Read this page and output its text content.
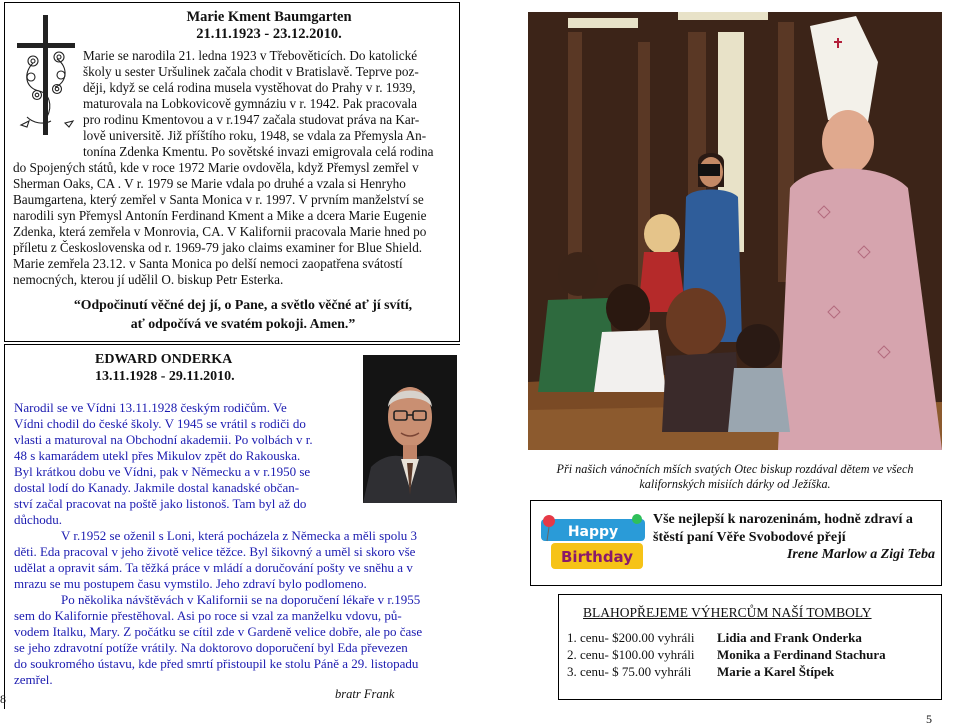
Marie Kment Baumgarten
21.11.1923 - 23.12.2010.
Marie se narodila 21. ledna 1923 v Třebověticích. Do katolické
školy u sester Uršulinek začala chodit v Bratislavě. Teprve poz-
ději, když se celá rodina musela vystěhovat do Prahy v r. 1939,
maturovala na Lobkovicově gymnáziu v r. 1942. Pak pracovala
pro rodinu Kmentovou a v r.1947 začala studovat práva na Kar-
lově universitě. Již příštího roku, 1948, se vdala za Přemysla An-
tonína Zdenka Kmentu. Po sovětské invazi emigrovala celá rodina
do Spojených států, kde v roce 1972 Marie ovdověla, když Přemysl zemřel v
Sherman Oaks, CA . V r. 1979 se Marie vdala po druhé a vzala si Henryho
Baumgartena, který zemřel v Santa Monica v r. 1997. V prvním manželství se
narodili syn Přemysl Antonín Ferdinand Kment a Mike a dcera Marie Eugenie
Zdenka, která zemřela v Monrovia, CA. V Kalifornii pracovala Marie hned po
příletu z Československa od r. 1969-79 jako claims examiner for Blue Shield.
Marie zemřela 23.12. v Santa Monica po delší nemoci zaopatřena svátostí
nemocných, kterou jí udělil O. biskup Petr Esterka.
“Odpočinutí věčné dej jí, o Pane, a světlo věčné ať jí svítí,
ať odpočívá ve svatém pokoji. Amen.”
EDWARD ONDERKA
13.11.1928 - 29.11.2010.
Narodil se ve Vídni 13.11.1928 českým rodičům. Ve
Vídni chodil do české školy. V 1945 se vrátil s rodiči do
vlasti a maturoval na Obchodní akademii. Po volbách v r.
48 s kamarádem utekl přes Mikulov zpět do Rakouska.
Byl krátkou dobu ve Vídni, pak v Německu a v r.1950 se
dostal lodí do Kanady. Jakmile dostal kanadské občan-
ství začal pracovat na poště jako listonoš. Tam byl až do
důchodu.
V r.1952 se oženil s Loni, která pocházela z Německa a měli spolu 3
děti. Eda pracoval v jeho životě velice těžce. Byl šikovný a uměl si skoro vše
udělat a opravit sám. Ta těžká práce v mládí a doručování pošty ve sněhu a v
mrazu se mu postupem času vymstilo. Jeho zdraví bylo podlomeno.
Po několika návštěvách v Kalifornii se na doporučení lékaře v r.1955
sem do Kalifornie přestěhoval. Asi po roce si vzal za manželku vdovu, pů-
vodem Italku, Mary. Z počátku se cítil zde v Gardeně velice dobře, ale po čase
se jeho zdravotní potíže vrátily. Na doktorovo doporučení byl Eda převezen
do soukromého ústavu, kde před smrtí přistoupil ke stolu Páně a 29. listopadu
zemřel.
bratr Frank
8
5
Při našich vánočních mších svatých Otec biskup rozdával dětem ve všech
kalifornských misiích dárky od Ježíška.
Happy
Birthday
Vše nejlepší k narozeninám, hodně zdraví a
štěstí paní Věře Svobodové přejí
Irene Marlow a Zigi Teba
BLAHOPŘEJEME VÝHERCŮM NAŠÍ TOMBOLY
1. cenu- $200.00 vyhráli Lidia and Frank Onderka
2. cenu- $100.00 vyhráli Monika a Ferdinand Stachura
3. cenu- $ 75.00 vyhráli Marie a Karel Štípek
